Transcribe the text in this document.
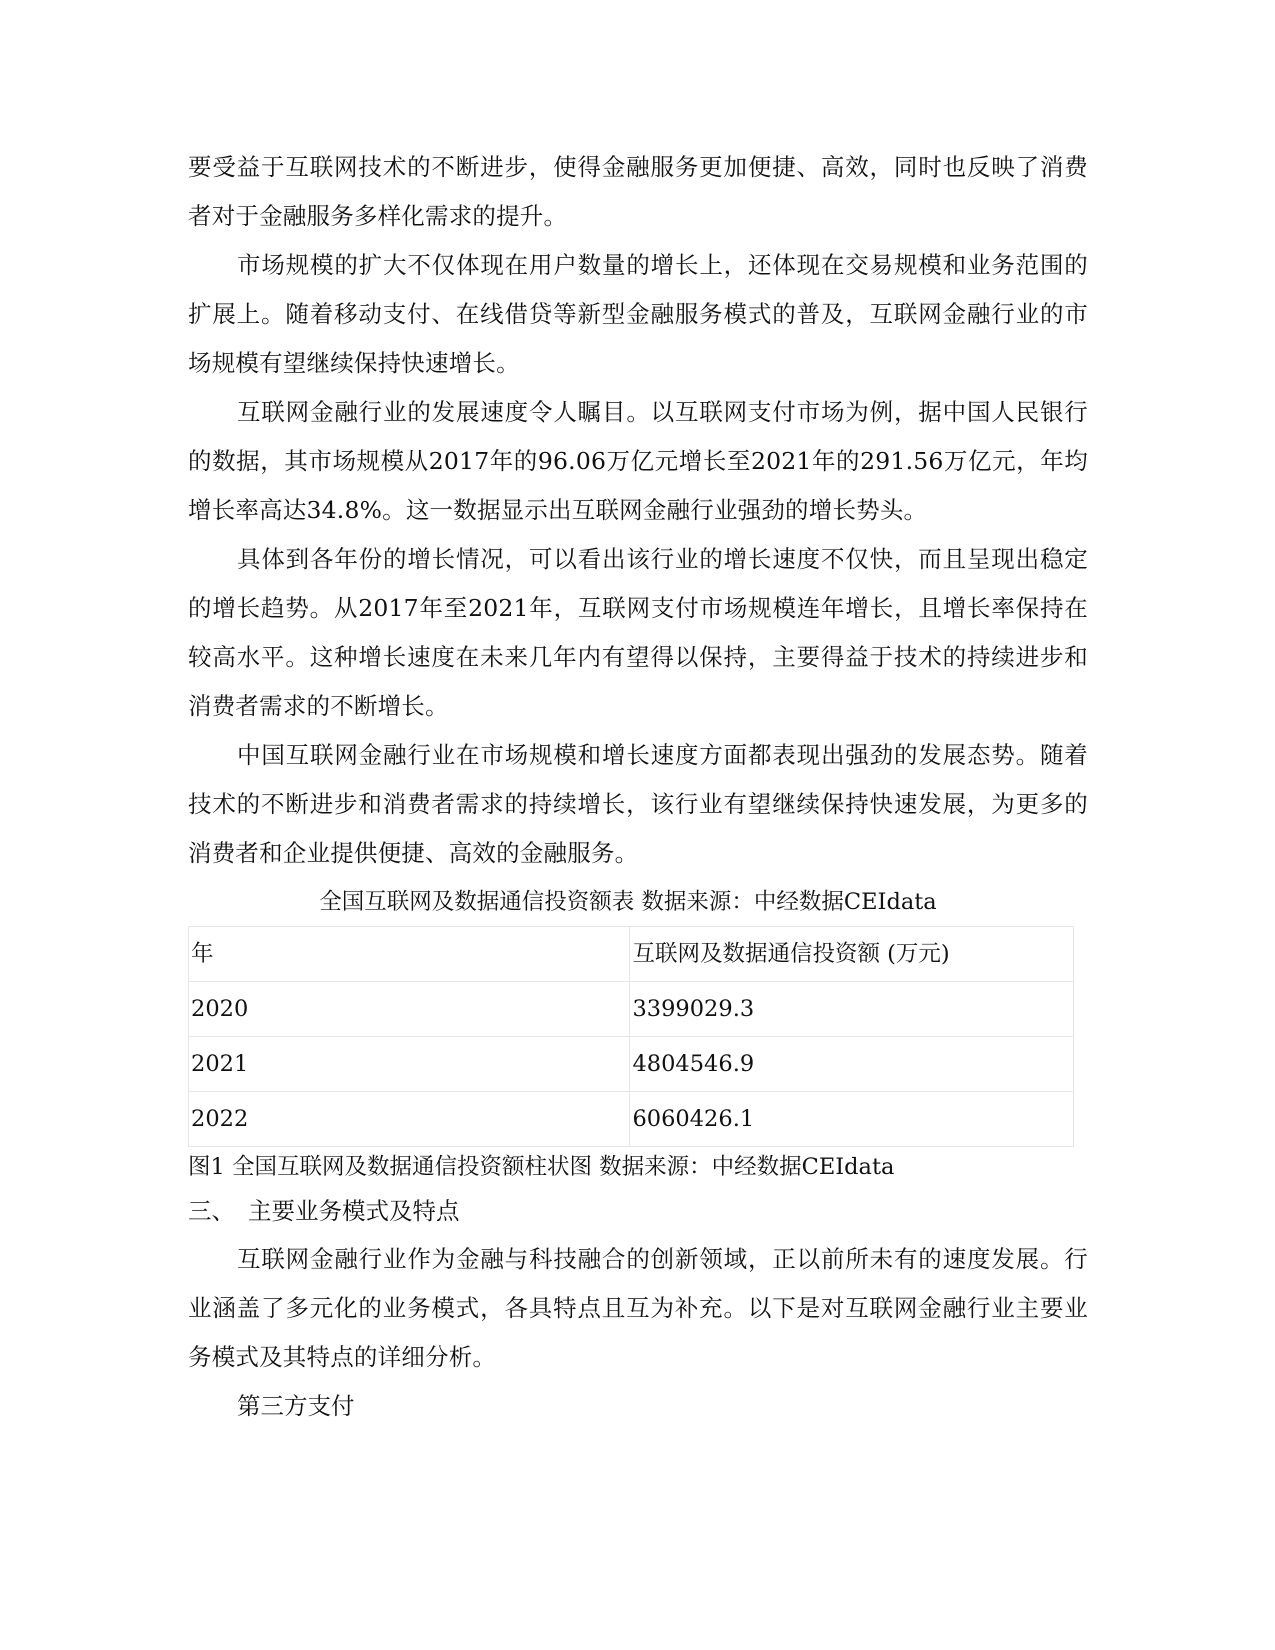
要受益于互联网技术的不断进步，使得金融服务更加便捷、高效，同时也反映了消费者对于金融服务多样化需求的提升。

市场规模的扩大不仅体现在用户数量的增长上，还体现在交易规模和业务范围的扩展上。随着移动支付、在线借贷等新型金融服务模式的普及，互联网金融行业的市场规模有望继续保持快速增长。

互联网金融行业的发展速度令人瞩目。以互联网支付市场为例，据中国人民银行的数据，其市场规模从2017年的96.06万亿元增长至2021年的291.56万亿元，年均增长率高达34.8%。这一数据显示出互联网金融行业强劲的增长势头。

具体到各年份的增长情况，可以看出该行业的增长速度不仅快，而且呈现出稳定的增长趋势。从2017年至2021年，互联网支付市场规模连年增长，且增长率保持在较高水平。这种增长速度在未来几年内有望得以保持，主要得益于技术的持续进步和消费者需求的不断增长。

中国互联网金融行业在市场规模和增长速度方面都表现出强劲的发展态势。随着技术的不断进步和消费者需求的持续增长，该行业有望继续保持快速发展，为更多的消费者和企业提供便捷、高效的金融服务。

全国互联网及数据通信投资额表 数据来源：中经数据CEIdata

年	互联网及数据通信投资额 (万元)
2020	3399029.3
2021	4804546.9
2022	6060426.1

图1 全国互联网及数据通信投资额柱状图 数据来源：中经数据CEIdata

三、 主要业务模式及特点

互联网金融行业作为金融与科技融合的创新领域，正以前所未有的速度发展。行业涵盖了多元化的业务模式，各具特点且互为补充。以下是对互联网金融行业主要业务模式及其特点的详细分析。

第三方支付
